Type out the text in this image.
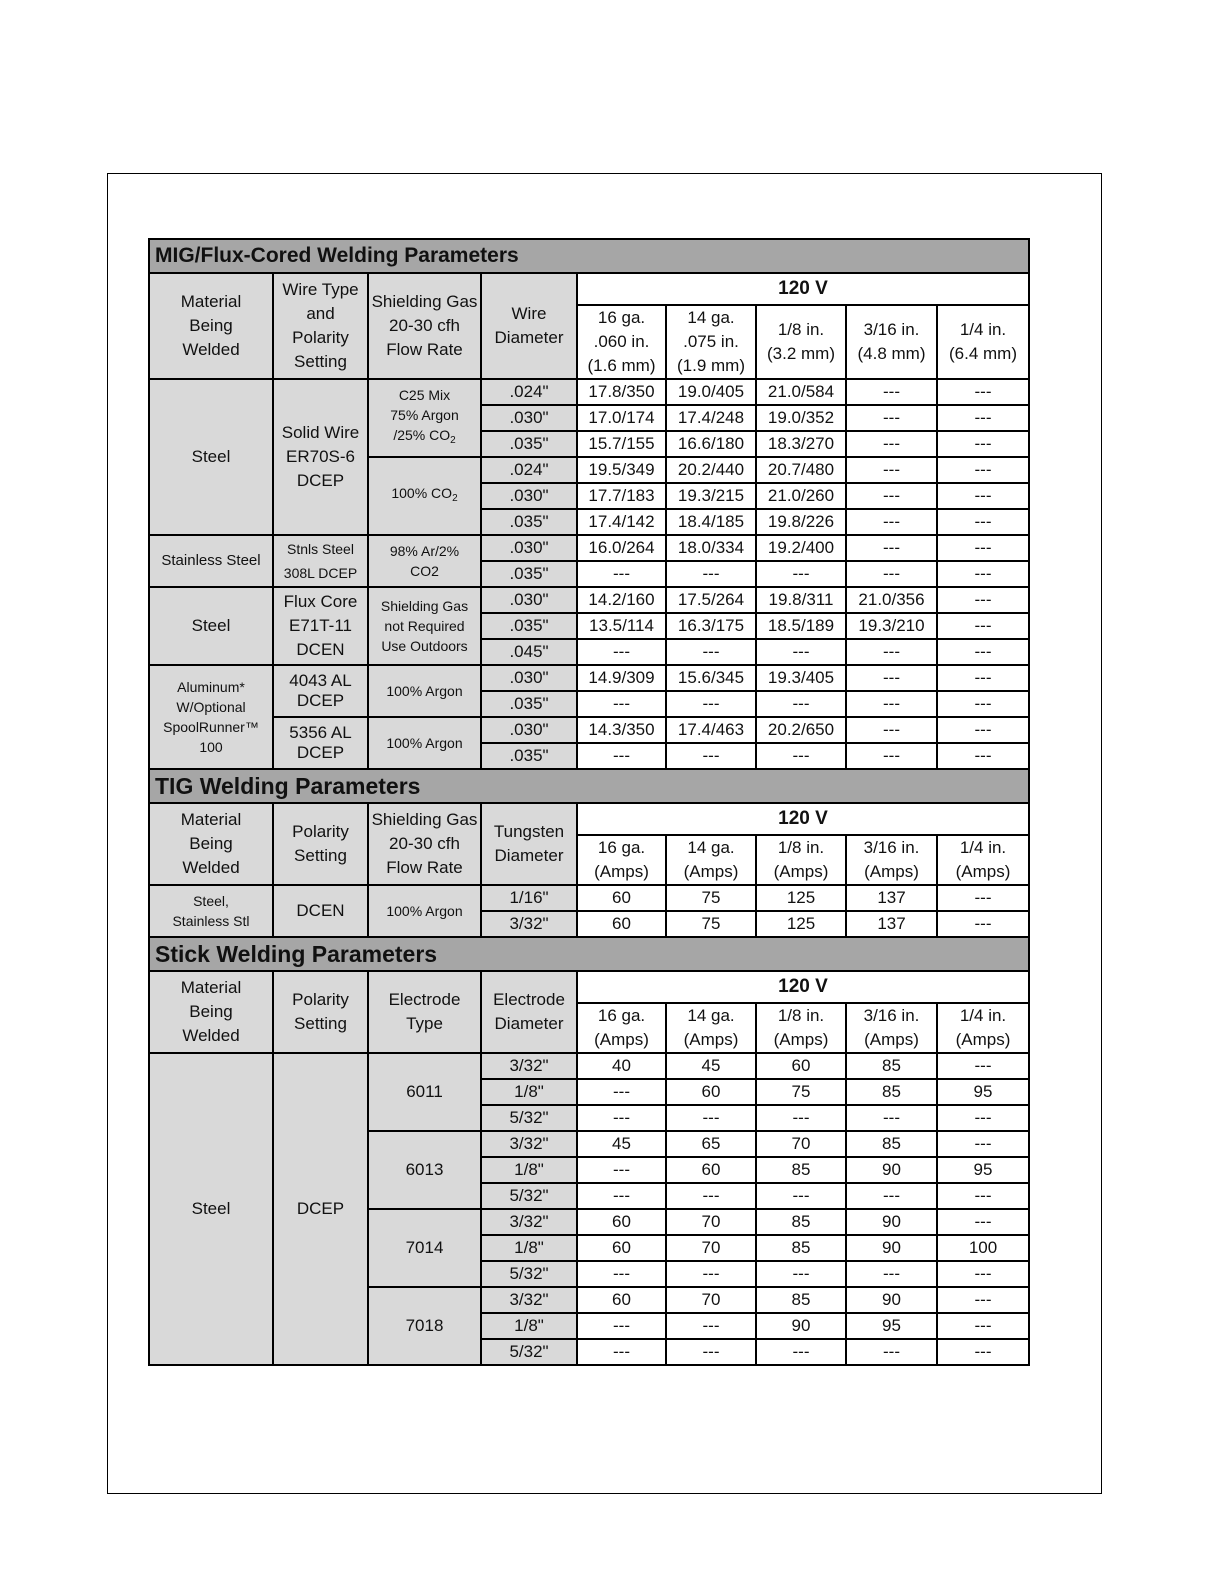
MIG/Flux-Cored Welding Parameters								

Material
Being
Welded	Wire Type
and
Polarity
Setting	Shielding Gas
20-30 cfh
Flow Rate	Wire
Diameter	120 V				

				16 ga.
.060 in.
(1.6 mm)	14 ga.
.075 in.
(1.9 mm)	1/8 in.
(3.2 mm)	3/16 in.
(4.8 mm)	1/4 in.
(6.4 mm)

Steel	Solid Wire
ER70S-6
DCEP	C25 Mix
75% Argon
/25% $CO_2$	.024"	17.8/350	19.0/405	21.0/584	---	---
			.030"	17.0/174	17.4/248	19.0/352	---	---
			.035"	15.7/155	16.6/180	18.3/270	---	---

		100% $CO_2$	.024"	19.5/349	20.2/440	20.7/480	---	---
			.030"	17.7/183	19.3/215	21.0/260	---	---
			.035"	17.4/142	18.4/185	19.8/226	---	---
Stainless Steel	Stnls Steel
308L DCEP	98% Ar/2%
CO2	.030"	16.0/264	18.0/334	19.2/400	---	---
			.035"	---	---	---	---	---
Steel	Flux Core
E71T-11
DCEN	Shielding Gas
not Required
Use Outdoors	.030"	14.2/160	17.5/264	19.8/311	21.0/356	---
			.035"	13.5/114	16.3/175	18.5/189	19.3/210	---
			.045"	---	---	---	---	---

Aluminum*
W/Optional
SpoolRunner™
100	4043 AL
DCEP	100% Argon	.030"	14.9/309	15.6/345	19.3/405	---	---
			.035"	---	---	---	---	---

	5356 AL
DCEP	100% Argon	.030"	14.3/350	17.4/463	20.2/650	---	---
			.035"	---	---	---	---	---
TIG Welding Parameters								

Material
Being
Welded	Polarity
Setting	Shielding Gas
20-30 cfh
Flow Rate	Tungsten
Diameter	120 V				

				16 ga.
(Amps)	14 ga.
(Amps)	1/8 in.
(Amps)	3/16 in.
(Amps)	1/4 in.
(Amps)

Steel,
Stainless Stl	DCEN	100% Argon	1/16"	60	75	125	137	---
			3/32"	60	75	125	137	---
Stick Welding Parameters								

Material
Being
Welded	Polarity
Setting	Electrode
Type	Electrode
Diameter	120 V				

				16 ga.
(Amps)	14 ga.
(Amps)	1/8 in.
(Amps)	3/16 in.
(Amps)	1/4 in.
(Amps)

Steel	DCEP	6011	3/32"	40	45	60	85	---
			1/8"	---	60	75	85	95
			5/32"	---	---	---	---	---
		6013	3/32"	45	65	70	85	---
			1/8"	---	60	85	90	95
			5/32"	---	---	---	---	---
		7014	3/32"	60	70	85	90	---
			1/8"	60	70	85	90	100
			5/32"	---	---	---	---	---
		7018	3/32"	60	70	85	90	---
			1/8"	---	---	90	95	---
			5/32"	---	---	---	---	---
